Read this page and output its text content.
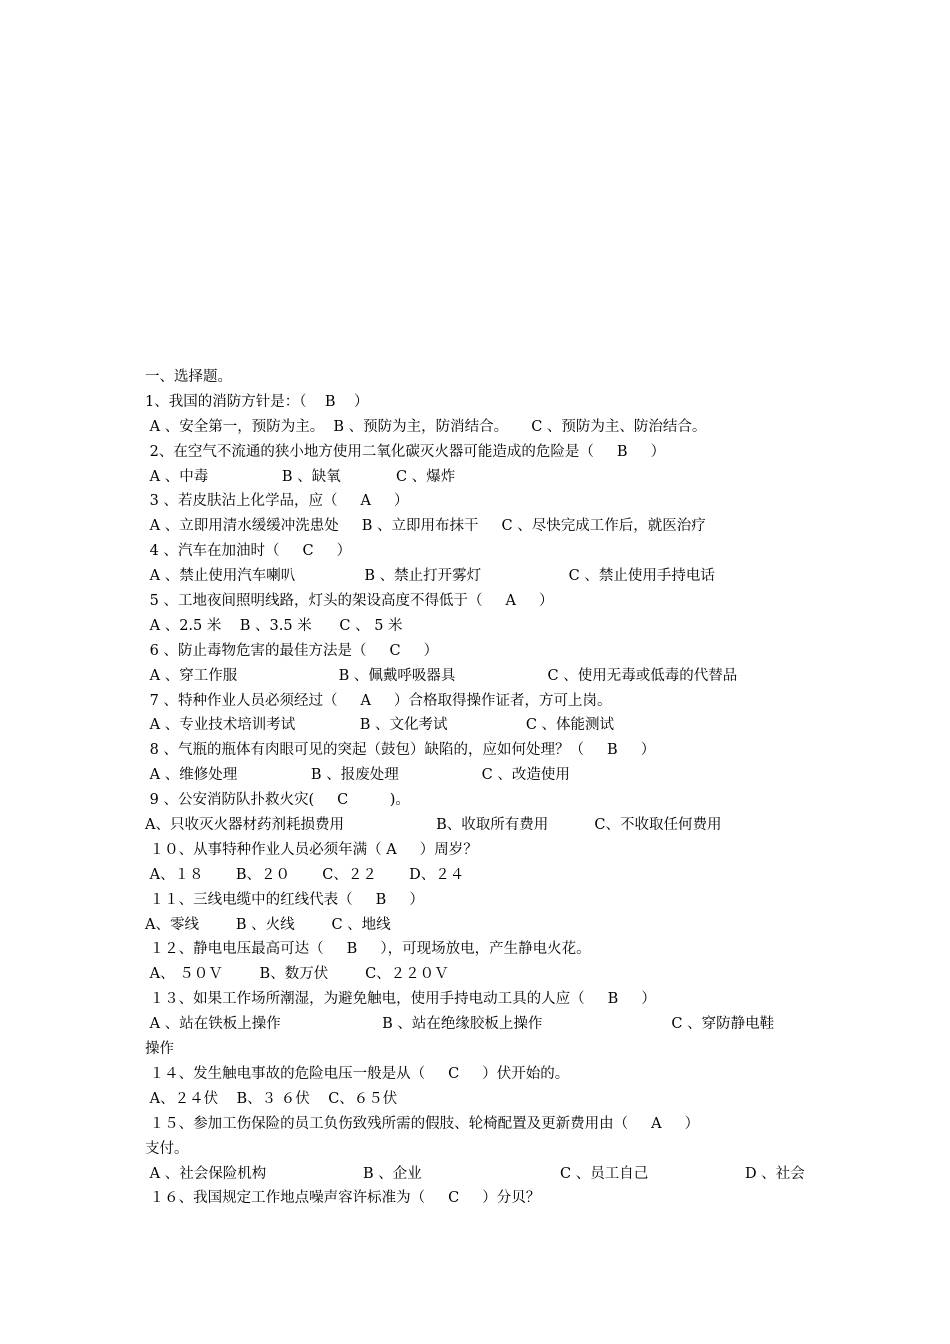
一、选择题。
1、我国的消防方针是：（    B    ）
A 、安全第一，预防为主。  B 、预防为主，防消结合。     C 、预防为主、防治结合。
2、在空气不流通的狭小地方使用二氧化碳灭火器可能造成的危险是（     B     ）
A 、中毒                B 、缺氧            C 、爆炸
3 、若皮肤沾上化学品，应（     A     ）
A 、立即用清水缓缓冲洗患处     B 、立即用布抹干     C 、尽快完成工作后，就医治疗
4 、汽车在加油时（     C     ）
A 、禁止使用汽车喇叭               B 、禁止打开雾灯                   C 、禁止使用手持电话
5 、工地夜间照明线路，灯头的架设高度不得低于（     A     ）
A 、2.5 米    B 、3.5 米      C 、 5 米
6 、防止毒物危害的最佳方法是（     C     ）
A 、穿工作服                      B 、佩戴呼吸器具                    C 、使用无毒或低毒的代替品
7 、特种作业人员必须经过（     A     ）合格取得操作证者，方可上岗。
A 、专业技术培训考试              B 、文化考试                 C 、体能测试
8 、气瓶的瓶体有肉眼可见的突起（鼓包）缺陷的，应如何处理？（     B     ）
A 、维修处理                B 、报废处理                  C 、改造使用
9 、公安消防队扑救火灾(     C         )。
A、只收灭火器材药剂耗损费用                    B、收取所有费用          C、不收取任何费用
１０、从事特种作业人员必须年满（ A     ）周岁？
A、１８       B、２０       C、２２       D、２４
１１、三线电缆中的红线代表（     B     ）
A、零线        B 、火线        C 、地线
１２、静电电压最高可达（     B     ），可现场放电，产生静电火花。
A、 ５０Ｖ        B、数万伏        C、２２０Ｖ
１３、如果工作场所潮湿，为避免触电，使用手持电动工具的人应（     B     ）
A 、站在铁板上操作                      B 、站在绝缘胶板上操作                            C 、穿防静电鞋
操作
１４、发生触电事故的危险电压一般是从（     C     ）伏开始的。
A、２４伏    B、３ ６伏    C、６５伏
１５、参加工伤保险的员工负伤致残所需的假肢、轮椅配置及更新费用由（     A     ）
支付。
A 、社会保险机构                     B 、企业                              C 、员工自己                     D 、社会
１６、我国规定工作地点噪声容许标准为（     C     ）分贝？
